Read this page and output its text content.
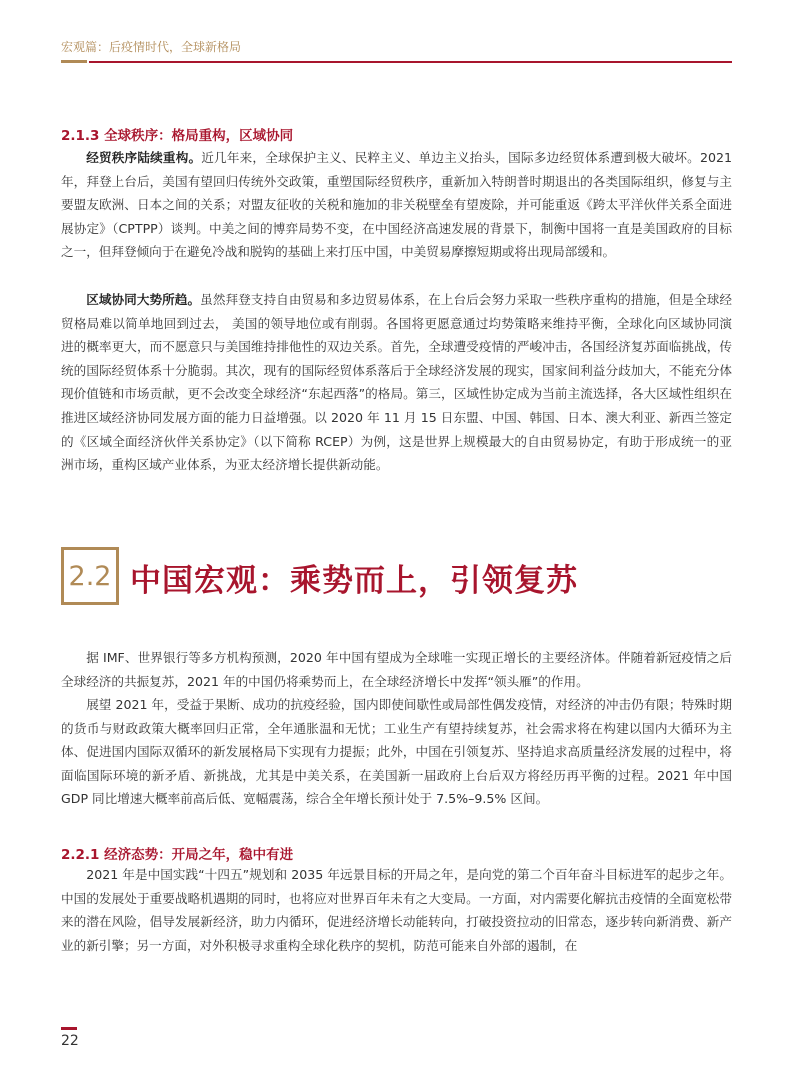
宏观篇：后疫情时代，全球新格局
2.1.3 全球秩序：格局重构，区域协同

经贸秩序陆续重构。近几年来，全球保护主义、民粹主义、单边主义抬头，国际多边经贸体系遭到极大破坏。2021 年，拜登上台后，美国有望回归传统外交政策，重塑国际经贸秩序，重新加入特朗普时期退出的各类国际组织，修复与主要盟友欧洲、日本之间的关系；对盟友征收的关税和施加的非关税壁垒有望废除，并可能重返《跨太平洋伙伴关系全面进展协定》（CPTPP）谈判。中美之间的博弈局势不变，在中国经济高速发展的背景下，制衡中国将一直是美国政府的目标之一，但拜登倾向于在避免冷战和脱钩的基础上来打压中国，中美贸易摩擦短期或将出现局部缓和。

区域协同大势所趋。虽然拜登支持自由贸易和多边贸易体系，在上台后会努力采取一些秩序重构的措施，但是全球经贸格局难以简单地回到过去， 美国的领导地位或有削弱。各国将更愿意通过均势策略来维持平衡，全球化向区域协同演进的概率更大，而不愿意只与美国维持排他性的双边关系。首先，全球遭受疫情的严峻冲击，各国经济复苏面临挑战，传统的国际经贸体系十分脆弱。其次，现有的国际经贸体系落后于全球经济发展的现实，国家间利益分歧加大，不能充分体现价值链和市场贡献，更不会改变全球经济“东起西落”的格局。第三，区域性协定成为当前主流选择，各大区域性组织在推进区域经济协同发展方面的能力日益增强。以 2020 年 11 月 15 日东盟、中国、韩国、日本、澳大利亚、新西兰签定的《区域全面经济伙伴关系协定》（以下简称 RCEP）为例，这是世界上规模最大的自由贸易协定，有助于形成统一的亚洲市场，重构区域产业体系，为亚太经济增长提供新动能。

2.2 中国宏观：乘势而上，引领复苏

据 IMF、世界银行等多方机构预测，2020 年中国有望成为全球唯一实现正增长的主要经济体。伴随着新冠疫情之后全球经济的共振复苏，2021 年的中国仍将乘势而上，在全球经济增长中发挥“领头雁”的作用。

展望 2021 年，受益于果断、成功的抗疫经验，国内即使间歇性或局部性偶发疫情，对经济的冲击仍有限；特殊时期的货币与财政政策大概率回归正常，全年通胀温和无忧；工业生产有望持续复苏，社会需求将在构建以国内大循环为主体、促进国内国际双循环的新发展格局下实现有力提振；此外，中国在引领复苏、坚持追求高质量经济发展的过程中，将面临国际环境的新矛盾、新挑战，尤其是中美关系，在美国新一届政府上台后双方将经历再平衡的过程。2021 年中国 GDP 同比增速大概率前高后低、宽幅震荡，综合全年增长预计处于 7.5%–9.5% 区间。

2.2.1 经济态势：开局之年，稳中有进

2021 年是中国实践“十四五”规划和 2035 年远景目标的开局之年，是向党的第二个百年奋斗目标进军的起步之年。中国的发展处于重要战略机遇期的同时，也将应对世界百年未有之大变局。一方面，对内需要化解抗击疫情的全面宽松带来的潜在风险，倡导发展新经济，助力内循环，促进经济增长动能转向，打破投资拉动的旧常态，逐步转向新消费、新产业的新引擎；另一方面，对外积极寻求重构全球化秩序的契机，防范可能来自外部的遏制，在

22
